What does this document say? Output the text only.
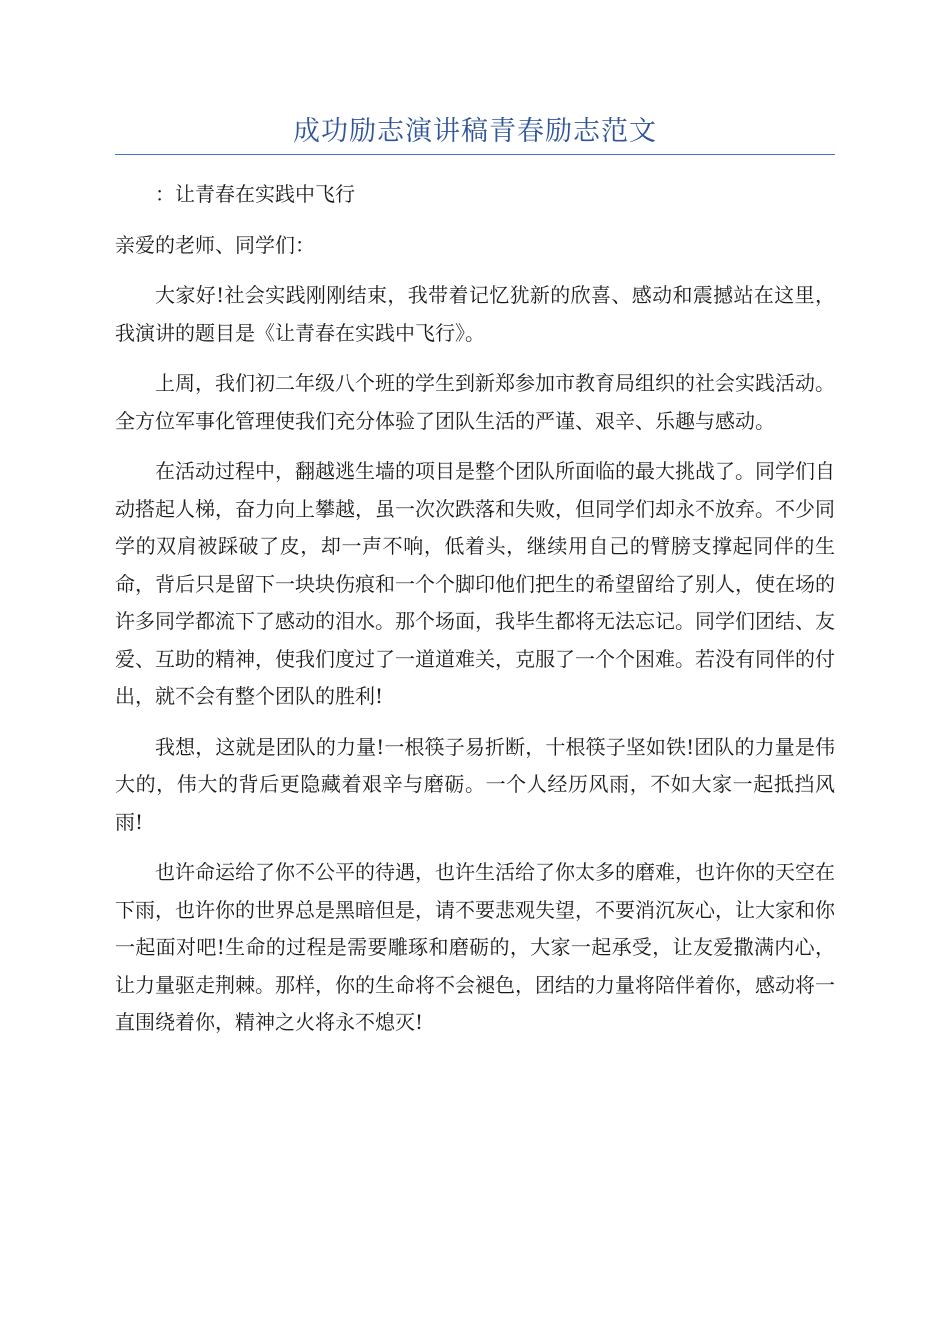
成功励志演讲稿青春励志范文

：让青春在实践中飞行

亲爱的老师、同学们：

大家好!社会实践刚刚结束，我带着记忆犹新的欣喜、感动和震撼站在这里，我演讲的题目是《让青春在实践中飞行》。

上周，我们初二年级八个班的学生到新郑参加市教育局组织的社会实践活动。全方位军事化管理使我们充分体验了团队生活的严谨、艰辛、乐趣与感动。

在活动过程中，翻越逃生墙的项目是整个团队所面临的最大挑战了。同学们自动搭起人梯，奋力向上攀越，虽一次次跌落和失败，但同学们却永不放弃。不少同学的双肩被踩破了皮，却一声不响，低着头，继续用自己的臂膀支撑起同伴的生命，背后只是留下一块块伤痕和一个个脚印他们把生的希望留给了别人，使在场的许多同学都流下了感动的泪水。那个场面，我毕生都将无法忘记。同学们团结、友爱、互助的精神，使我们度过了一道道难关，克服了一个个困难。若没有同伴的付出，就不会有整个团队的胜利!

我想，这就是团队的力量!一根筷子易折断，十根筷子坚如铁!团队的力量是伟大的，伟大的背后更隐藏着艰辛与磨砺。一个人经历风雨，不如大家一起抵挡风雨!

也许命运给了你不公平的待遇，也许生活给了你太多的磨难，也许你的天空在下雨，也许你的世界总是黑暗但是，请不要悲观失望，不要消沉灰心，让大家和你一起面对吧!生命的过程是需要雕琢和磨砺的，大家一起承受，让友爱撒满内心，让力量驱走荆棘。那样，你的生命将不会褪色，团结的力量将陪伴着你，感动将一直围绕着你，精神之火将永不熄灭!
